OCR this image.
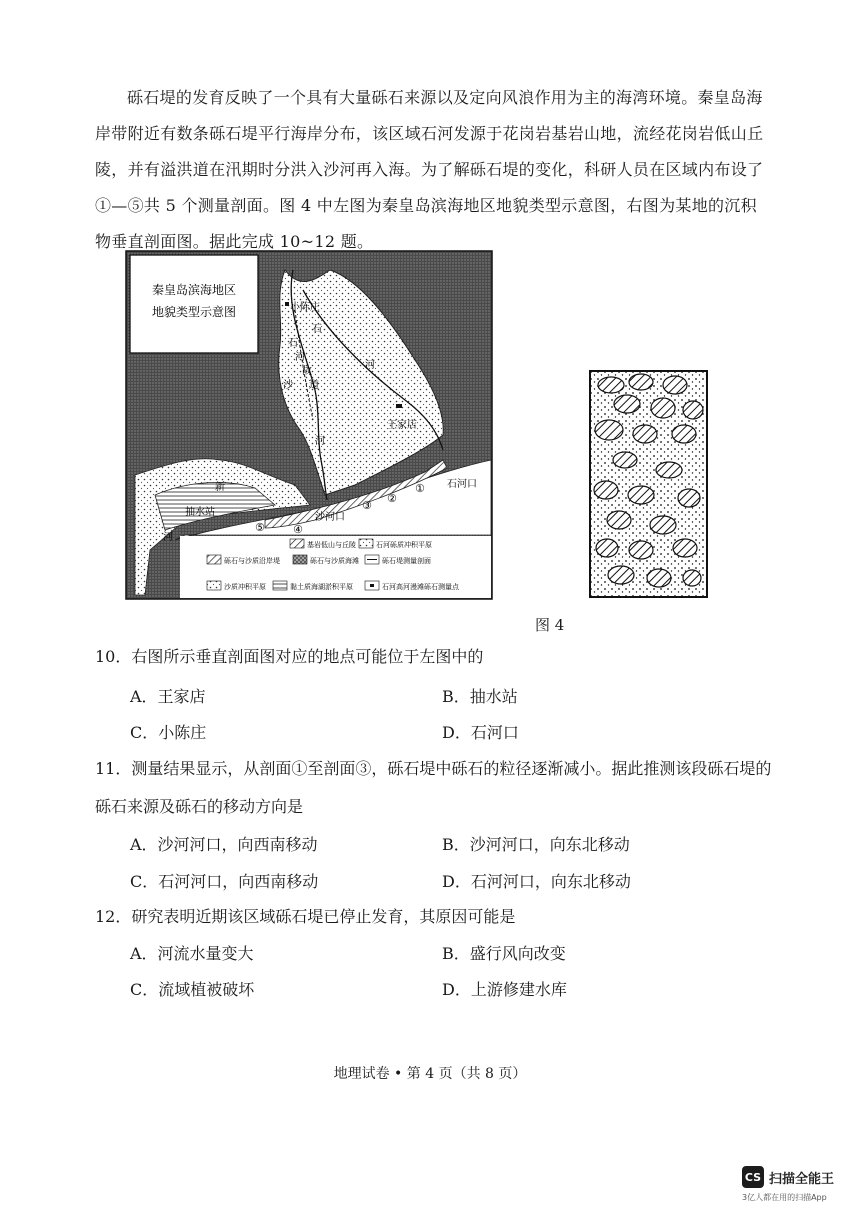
砾石堤的发育反映了一个具有大量砾石来源以及定向风浪作用为主的海湾环境。秦皇岛海岸带附近有数条砾石堤平行海岸分布，该区域石河发源于花岗岩基岩山地，流经花岗岩低山丘陵，并有溢洪道在汛期时分洪入沙河再入海。为了解砾石堤的变化，科研人员在区域内布设了①—⑤共 5 个测量剖面。图 4 中左图为秦皇岛滨海地区地貌类型示意图，右图为某地的沉积物垂直剖面图。据此完成 10~12 题。

秦皇岛滨海地区
地貌类型示意图	小陈庄
石
河
石
河
故
道
沙
河
王家店
石河口
沙河口
抽水站
新
河
①
②
③
④
⑤
基岩低山与丘陵	石河砾质冲积平原
砾石与沙质沿岸堤	砾石与沙质海滩	砾石堤测量剖面
沙质冲积平原	黏土质海湖淤积平原	石河高河漫滩砾石测量点
图 4
10．右图所示垂直剖面图对应的地点可能位于左图中的
A．王家店	B．抽水站
C．小陈庄	D．石河口
11．测量结果显示，从剖面①至剖面③，砾石堤中砾石的粒径逐渐减小。据此推测该段砾石堤的砾石来源及砾石的移动方向是
A．沙河河口，向西南移动	B．沙河河口，向东北移动
C．石河河口，向西南移动	D．石河河口，向东北移动
12．研究表明近期该区域砾石堤已停止发育，其原因可能是
A．河流水量变大	B．盛行风向改变
C．流域植被破坏	D．上游修建水库
地理试卷 • 第 4 页（共 8 页）
CS 扫描全能王
3亿人都在用的扫描App
